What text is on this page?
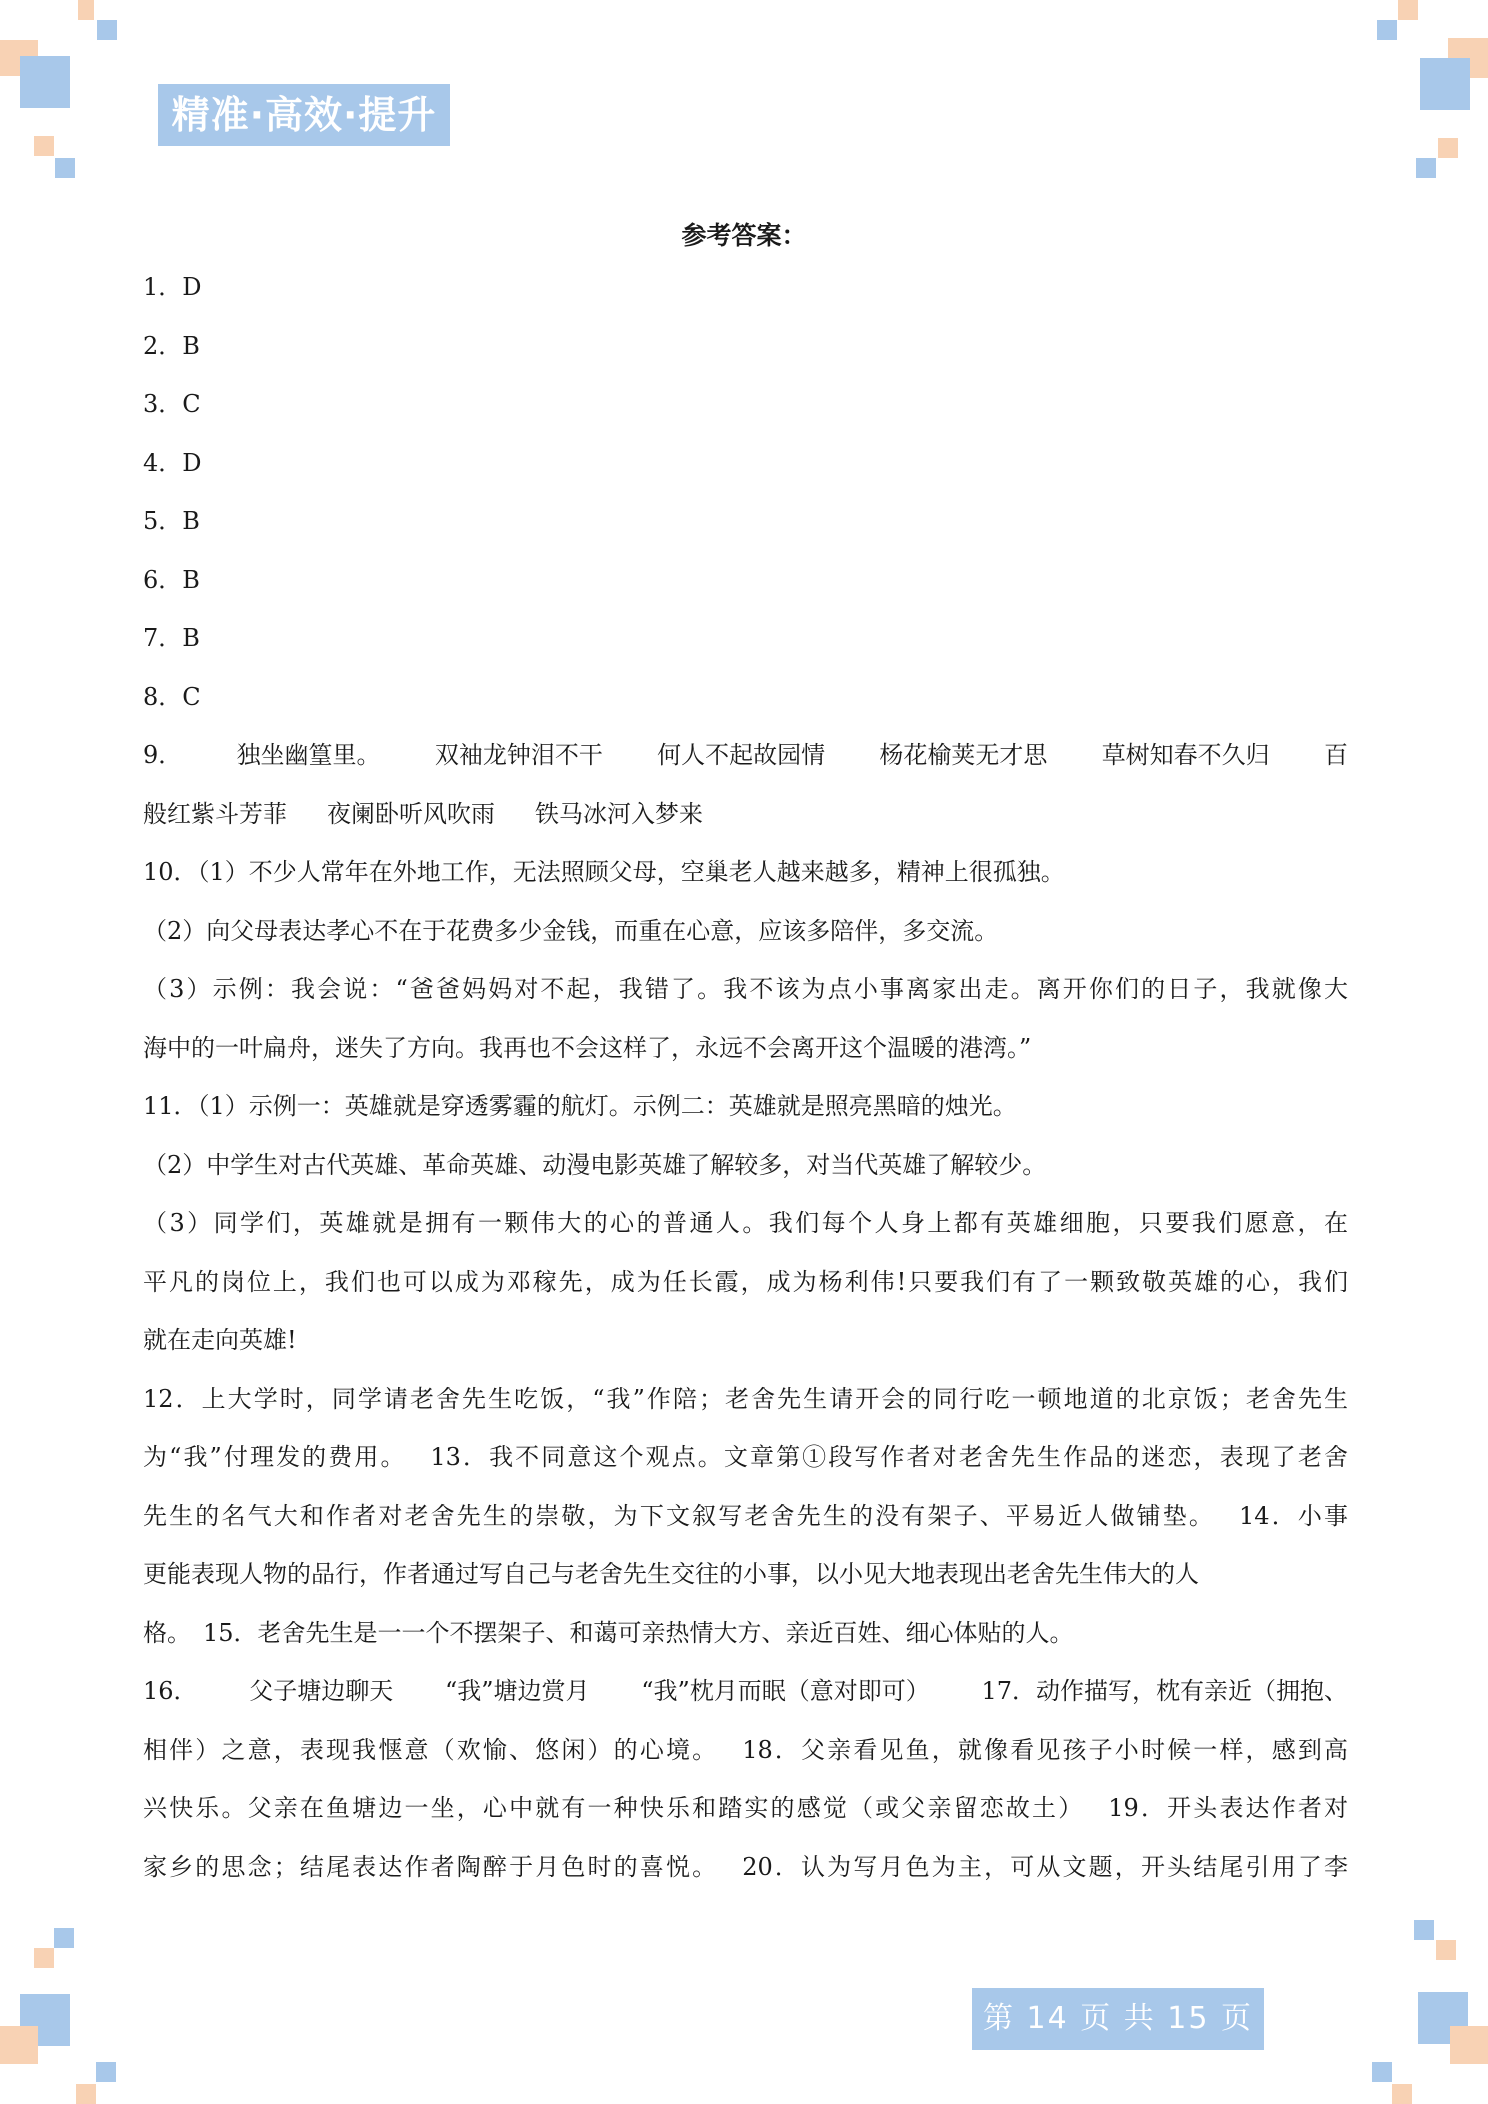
精准·高效·提升
参考答案：
1．D
2．B
3．C
4．D
5．B
6．B
7．B
8．C
9． 独坐幽篁里。 双袖龙钟泪不干 何人不起故园情 杨花榆荚无才思 草树知春不久归 百
般红紫斗芳菲 夜阑卧听风吹雨 铁马冰河入梦来
10．（1）不少人常年在外地工作，无法照顾父母，空巢老人越来越多，精神上很孤独。
（2）向父母表达孝心不在于花费多少金钱，而重在心意，应该多陪伴，多交流。
（3）示例：我会说：“爸爸妈妈对不起，我错了。我不该为点小事离家出走。离开你们的日子，我就像大
海中的一叶扁舟，迷失了方向。我再也不会这样了，永远不会离开这个温暖的港湾。”
11．（1）示例一：英雄就是穿透雾霾的航灯。示例二：英雄就是照亮黑暗的烛光。
（2）中学生对古代英雄、革命英雄、动漫电影英雄了解较多，对当代英雄了解较少。
（3）同学们，英雄就是拥有一颗伟大的心的普通人。我们每个人身上都有英雄细胞，只要我们愿意，在
平凡的岗位上，我们也可以成为邓稼先，成为任长霞，成为杨利伟!只要我们有了一颗致敬英雄的心，我们
就在走向英雄!
12．上大学时，同学请老舍先生吃饭，“我”作陪；老舍先生请开会的同行吃一顿地道的北京饭；老舍先生
为“我”付理发的费用。　 13．我不同意这个观点。文章第①段写作者对老舍先生作品的迷恋，表现了老舍
先生的名气大和作者对老舍先生的崇敬，为下文叙写老舍先生的没有架子、平易近人做铺垫。　 14．小事
更能表现人物的品行，作者通过写自己与老舍先生交往的小事，以小见大地表现出老舍先生伟大的人
格。　15．老舍先生是一一个不摆架子、和蔼可亲热情大方、亲近百姓、细心体贴的人。
16． 父子塘边聊天 “我”塘边赏月 “我”枕月而眠（意对即可） 17．动作描写，枕有亲近（拥抱、
相伴）之意，表现我惬意（欢愉、悠闲）的心境。　 18．父亲看见鱼，就像看见孩子小时候一样，感到高
兴快乐。父亲在鱼塘边一坐，心中就有一种快乐和踏实的感觉（或父亲留恋故土）　 19．开头表达作者对
家乡的思念；结尾表达作者陶醉于月色时的喜悦。　 20．认为写月色为主，可从文题，开头结尾引用了李
第 14 页 共 15 页
